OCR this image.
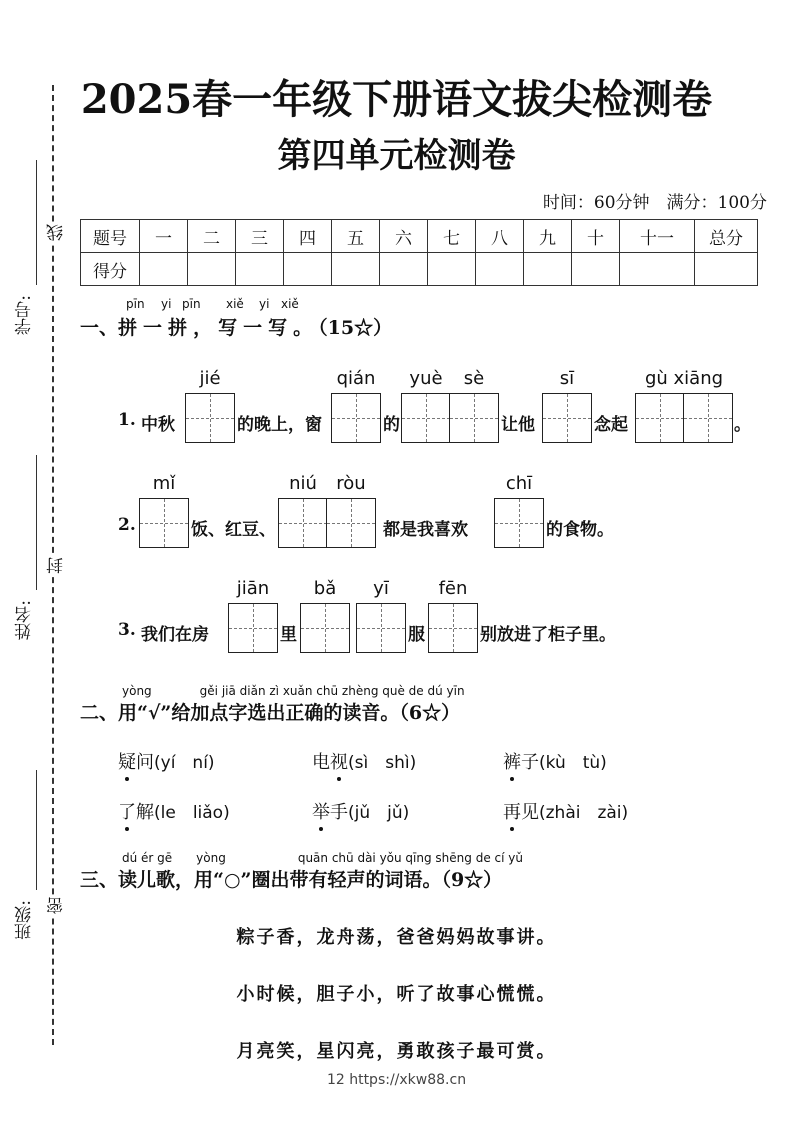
线
封
密
学号:
姓名:
班级:
2025春一年级下册语文拔尖检测卷
第四单元检测卷
时间：60分钟　满分：100分
题号	一	二	三	四	五	六	七	八	九	十	十一	总分
得分												
pīn yi pīn xiě yi xiě
一、拼一拼，写一写。（15☆）
1. 中秋
jié
的晚上，窗
qián
的
yuè	sè
让他
sī
念起
gù xiāng
。
2.
mǐ
饭、红豆、
niú	ròu
都是我喜欢
chī
的食物。
3. 我们在房
jiān
里
bǎ	yī
服
fēn
别放进了柜子里。
yòng　　　　gěi jiā diǎn zì xuǎn chū zhèng què de dú yīn
二、用“√”给加点字选出正确的读音。（6☆）
疑问(yí　ní)	电视(sì　shì)	裤子(kù　tù)
了解(le　liǎo)	举手(jǔ　jǔ)	再见(zhài　zài)
dú ér gē　　yòng　　　　　　quān chū dài yǒu qīng shēng de cí yǔ
三、读儿歌，用“○”圈出带有轻声的词语。（9☆）
粽子香，龙舟荡，爸爸妈妈故事讲。
小时候，胆子小，听了故事心慌慌。
月亮笑，星闪亮，勇敢孩子最可赏。
12 https://xkw88.cn
